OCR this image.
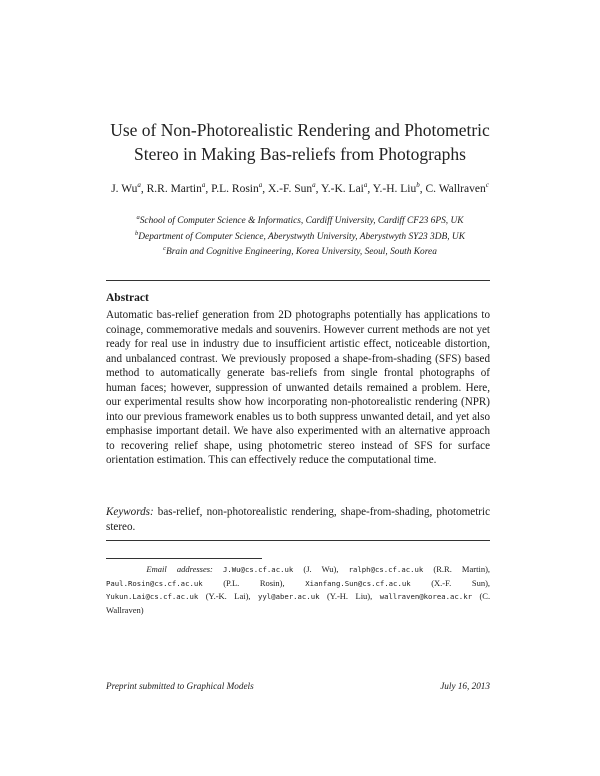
Use of Non-Photorealistic Rendering and Photometric
Stereo in Making Bas-reliefs from Photographs
J. Wu$^a$, R.R. Martin$^a$, P.L. Rosin$^a$, X.-F. Sun$^a$, Y.-K. Lai$^a$, Y.-H. Liu$^b$, C. Wallraven$^c$
$^a$School of Computer Science & Informatics, Cardiff University, Cardiff CF23 6PS, UK
$^b$Department of Computer Science, Aberystwyth University, Aberystwyth SY23 3DB, UK
$^c$Brain and Cognitive Engineering, Korea University, Seoul, South Korea
Abstract
Automatic bas-relief generation from 2D photographs potentially has applications to coinage, commemorative medals and souvenirs. However current methods are not yet ready for real use in industry due to insufficient artistic effect, noticeable distortion, and unbalanced contrast. We previously proposed a shape-from-shading (SFS) based method to automatically generate bas-reliefs from single frontal photographs of human faces; however, suppression of unwanted details remained a problem. Here, our experimental results show how incorporating non-photorealistic rendering (NPR) into our previous framework enables us to both suppress unwanted detail, and yet also emphasise important detail. We have also experimented with an alternative approach to recovering relief shape, using photometric stereo instead of SFS for surface orientation estimation. This can effectively reduce the computational time.
Keywords: bas-relief, non-photorealistic rendering, shape-from-shading, photometric stereo.
Email addresses: J.Wu@cs.cf.ac.uk (J. Wu), ralph@cs.cf.ac.uk (R.R. Martin), Paul.Rosin@cs.cf.ac.uk (P.L. Rosin), Xianfang.Sun@cs.cf.ac.uk (X.-F. Sun), Yukun.Lai@cs.cf.ac.uk (Y.-K. Lai), yyl@aber.ac.uk (Y.-H. Liu), wallraven@korea.ac.kr (C. Wallraven)
Preprint submitted to Graphical Models	July 16, 2013
